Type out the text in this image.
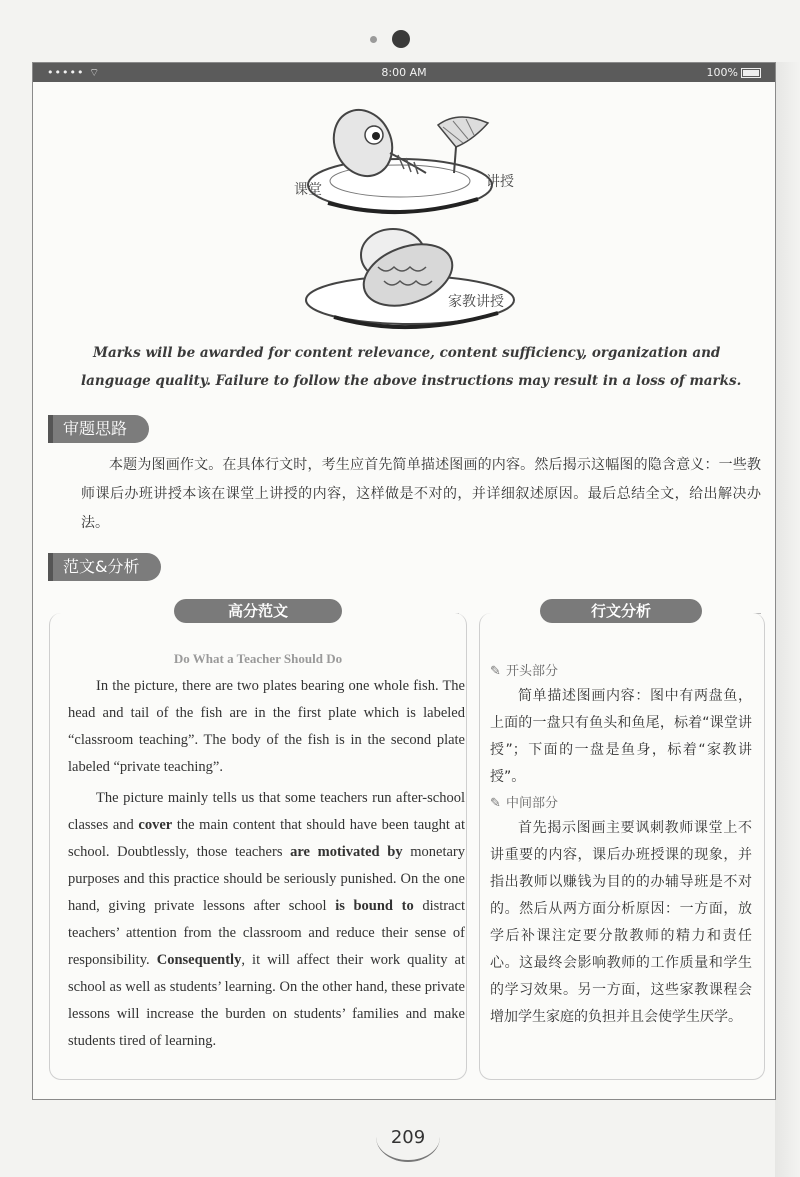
••••• ⌔	8:00 AM	100%
课堂	讲授
家教讲授
Marks will be awarded for content relevance, content sufficiency, organization and language quality. Failure to follow the above instructions may result in a loss of marks.
审题思路
本题为图画作文。在具体行文时，考生应首先简单描述图画的内容。然后揭示这幅图的隐含意义：一些教师课后办班讲授本该在课堂上讲授的内容，这样做是不对的，并详细叙述原因。最后总结全文，给出解决办法。
范文&分析
高分范文
Do What a Teacher Should Do

In the picture, there are two plates bearing one whole fish. The head and tail of the fish are in the first plate which is labeled “classroom teaching”. The body of the fish is in the second plate labeled “private teaching”.

The picture mainly tells us that some teachers run after-school classes and cover the main content that should have been taught at school. Doubtlessly, those teachers are motivated by monetary purposes and this practice should be seriously punished. On the one hand, giving private lessons after school is bound to distract teachers’ attention from the classroom and reduce their sense of responsibility. Consequently, it will affect their work quality at school as well as students’ learning. On the other hand, these private lessons will increase the burden on students’ families and make students tired of learning.

行文分析
✎ 开头部分

简单描述图画内容：图中有两盘鱼，上面的一盘只有鱼头和鱼尾，标着“课堂讲授”；下面的一盘是鱼身，标着“家教讲授”。

✎ 中间部分

首先揭示图画主要讽刺教师课堂上不讲重要的内容，课后办班授课的现象，并指出教师以赚钱为目的的办辅导班是不对的。然后从两方面分析原因：一方面，放学后补课注定要分散教师的精力和责任心。这最终会影响教师的工作质量和学生的学习效果。另一方面，这些家教课程会增加学生家庭的负担并且会使学生厌学。

209
